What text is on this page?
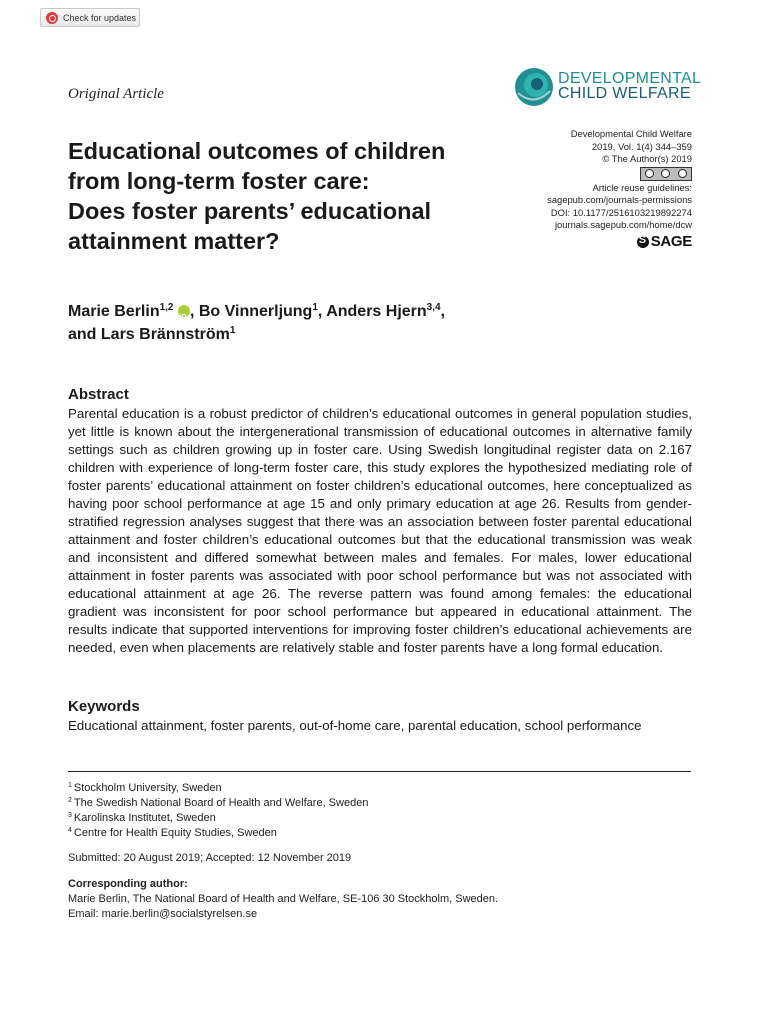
Check for updates
Original Article
DEVELOPMENTAL
CHILD WELFARE
Educational outcomes of children
from long-term foster care:
Does foster parents’ educational
attainment matter?
Developmental Child Welfare
2019, Vol. 1(4) 344–359
© The Author(s) 2019
Article reuse guidelines:
sagepub.com/journals-permissions
DOI: 10.1177/2516103219892274
journals.sagepub.com/home/dcw
S
SAGE
Marie Berlin$^{1,2}$ iD , Bo Vinnerljung$^1$, Anders Hjern$^{3,4}$,
and Lars Brännström$^1$
Abstract
Parental education is a robust predictor of children’s educational outcomes in general population studies, yet little is known about the intergenerational transmission of educational outcomes in alternative family settings such as children growing up in foster care. Using Swedish longitudinal register data on 2.167 children with experience of long-term foster care, this study explores the hypothesized mediating role of foster parents’ educational attainment on foster children’s educational outcomes, here conceptualized as having poor school performance at age 15 and only primary education at age 26. Results from gender-stratified regression analyses suggest that there was an association between foster parental educational attainment and foster children’s educational outcomes but that the educational transmission was weak and inconsistent and differed somewhat between males and females. For males, lower educational attainment in foster parents was associated with poor school performance but was not associated with educational attainment at age 26. The reverse pattern was found among females: the educational gradient was inconsistent for poor school performance but appeared in educational attainment. The results indicate that supported interventions for improving foster children’s educational achievements are needed, even when placements are relatively stable and foster parents have a long formal education.
Keywords
Educational attainment, foster parents, out-of-home care, parental education, school performance
$^1$ Stockholm University, Sweden
$^2$ The Swedish National Board of Health and Welfare, Sweden
$^3$ Karolinska Institutet, Sweden
$^4$ Centre for Health Equity Studies, Sweden
Submitted: 20 August 2019; Accepted: 12 November 2019
Corresponding author:
Marie Berlin, The National Board of Health and Welfare, SE-106 30 Stockholm, Sweden.
Email: marie.berlin@socialstyrelsen.se
